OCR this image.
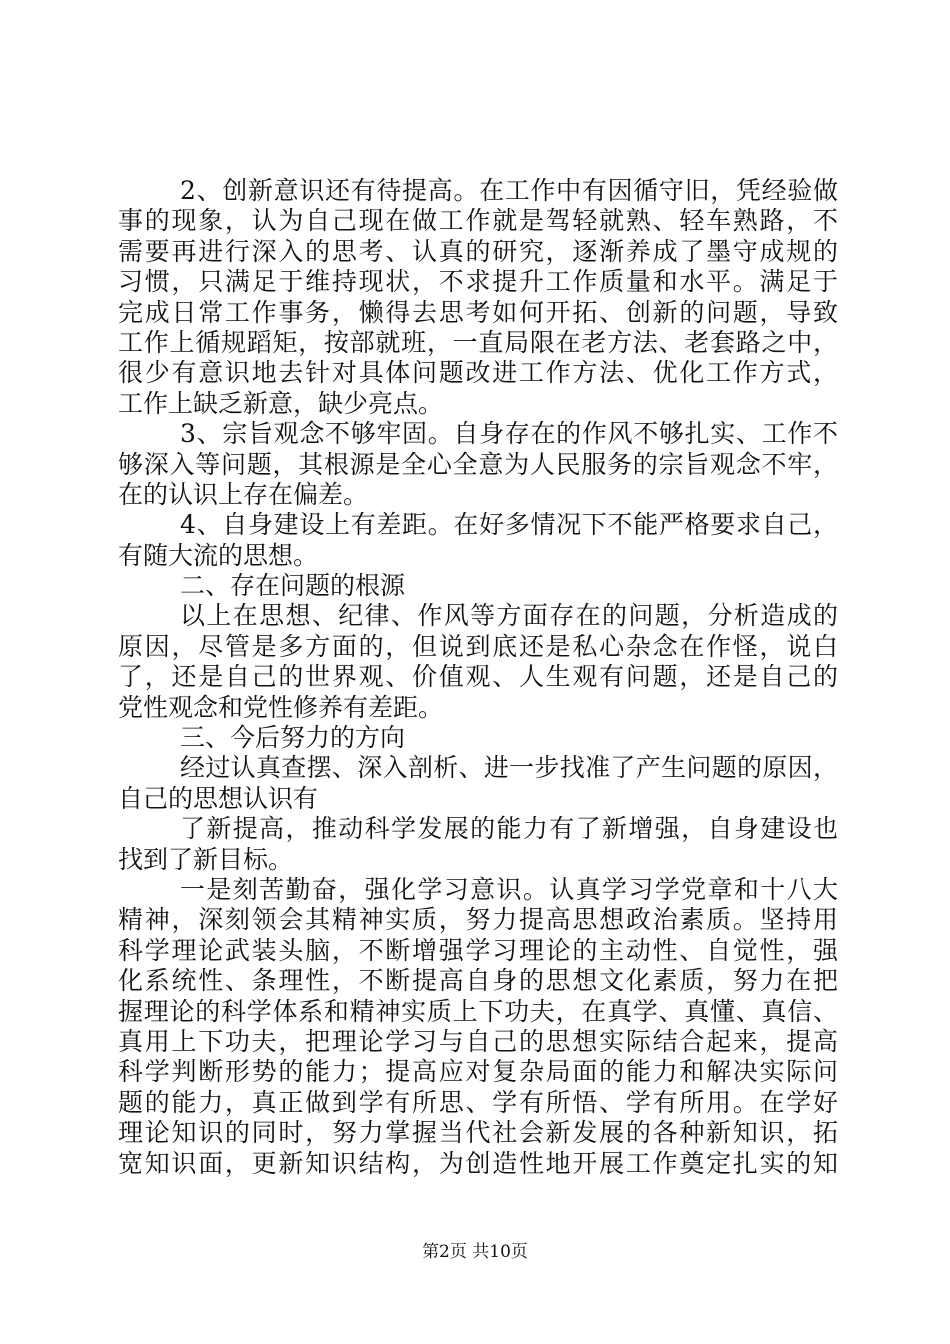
2、创新意识还有待提高。在工作中有因循守旧，凭经验做
事的现象，认为自己现在做工作就是驾轻就熟、轻车熟路，不
需要再进行深入的思考、认真的研究，逐渐养成了墨守成规的
习惯，只满足于维持现状，不求提升工作质量和水平。满足于
完成日常工作事务，懒得去思考如何开拓、创新的问题，导致
工作上循规蹈矩，按部就班，一直局限在老方法、老套路之中，
很少有意识地去针对具体问题改进工作方法、优化工作方式，
工作上缺乏新意，缺少亮点。
3、宗旨观念不够牢固。自身存在的作风不够扎实、工作不
够深入等问题，其根源是全心全意为人民服务的宗旨观念不牢，
在的认识上存在偏差。
4、自身建设上有差距。在好多情况下不能严格要求自己，
有随大流的思想。
二、存在问题的根源
以上在思想、纪律、作风等方面存在的问题，分析造成的
原因，尽管是多方面的，但说到底还是私心杂念在作怪，说白
了，还是自己的世界观、价值观、人生观有问题，还是自己的
党性观念和党性修养有差距。
三、今后努力的方向
经过认真查摆、深入剖析、进一步找准了产生问题的原因，
自己的思想认识有
了新提高，推动科学发展的能力有了新增强，自身建设也
找到了新目标。
一是刻苦勤奋，强化学习意识。认真学习学党章和十八大
精神，深刻领会其精神实质，努力提高思想政治素质。坚持用
科学理论武装头脑，不断增强学习理论的主动性、自觉性，强
化系统性、条理性，不断提高自身的思想文化素质，努力在把
握理论的科学体系和精神实质上下功夫，在真学、真懂、真信、
真用上下功夫，把理论学习与自己的思想实际结合起来，提高
科学判断形势的能力；提高应对复杂局面的能力和解决实际问
题的能力，真正做到学有所思、学有所悟、学有所用。在学好
理论知识的同时，努力掌握当代社会新发展的各种新知识，拓
宽知识面，更新知识结构，为创造性地开展工作奠定扎实的知
第2页 共10页
